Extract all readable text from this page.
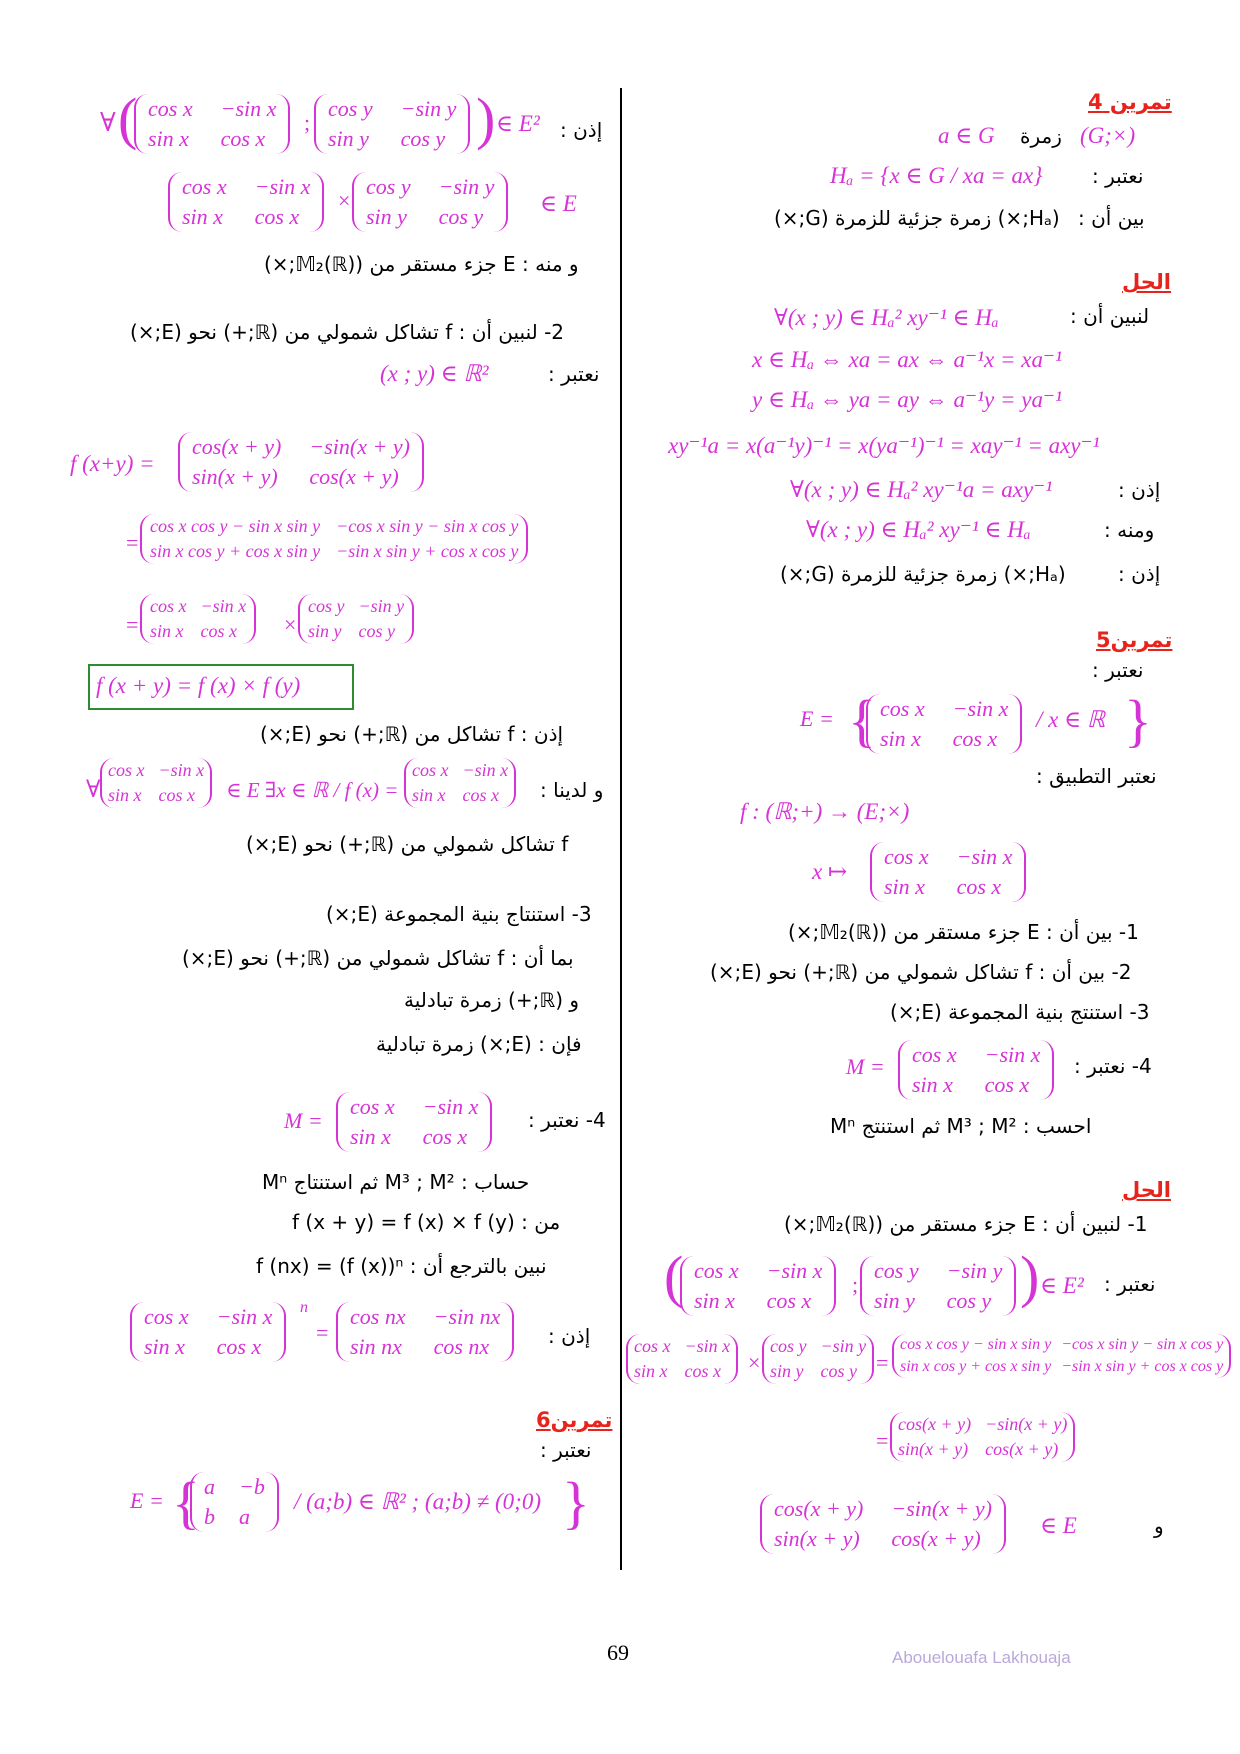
تمرين 4
(G;×)
زمرة
a ∈ G
نعتبر :
Hₐ = {x ∈ G / xa = ax}
بين أن :
(Hₐ;×) زمرة جزئية للزمرة (G;×)
الحل
لنبين أن :
∀(x ; y) ∈ Hₐ² xy⁻¹ ∈ Hₐ
x ∈ Hₐ ⇔ xa = ax ⇔ a⁻¹x = xa⁻¹
y ∈ Hₐ ⇔ ya = ay ⇔ a⁻¹y = ya⁻¹
xy⁻¹a = x(a⁻¹y)⁻¹ = x(ya⁻¹)⁻¹ = xay⁻¹ = axy⁻¹
إذن :
∀(x ; y) ∈ Hₐ² xy⁻¹a = axy⁻¹
ومنه :
∀(x ; y) ∈ Hₐ² xy⁻¹ ∈ Hₐ
إذن :
(Hₐ;×) زمرة جزئية للزمرة (G;×)
تمرين5
نعتبر :
E = { cos x −sin x
sin x cos x
/ x ∈ ℝ }
نعتبر التطبيق :
f : (ℝ;+) → (E;×)
x ↦
cos x −sin x
sin x cos x
1- بين أن : E جزء مستقر من (𝕄₂(ℝ);×)
2- بين أن : f تشاكل شمولي من (ℝ;+) نحو (E;×)
3- استنتج بنية المجموعة (E;×)
4- نعتبر :
M = cos x −sin x
sin x cos x
احسب : M³ ; M² ثم استنتج Mⁿ
الحل
1- لنبين أن : E جزء مستقر من (𝕄₂(ℝ);×)
نعتبر :
( cos x −sin x
sin x cos x
;
cos y −sin y
sin y cos y ) ∈ E²
cos x −sin x
sin x cos x	×
cos y −sin y
sin y cos y =
cos x cos y − sin x sin y −cos x sin y − sin x cos y
sin x cos y + cos x sin y −sin x sin y + cos x cos y
=
cos(x + y) −sin(x + y)
sin(x + y) cos(x + y)
و
cos(x + y) −sin(x + y)
sin(x + y) cos(x + y)
∈ E
إذن :
∀ ( cos x −sin x
sin x cos x
;
cos y −sin y
sin y cos y ) ∈ E²
cos x −sin x
sin x cos x
×
cos y −sin y
sin y cos y
∈ E
و منه : E جزء مستقر من (𝕄₂(ℝ);×)
2- لنبين أن : f تشاكل شمولي من (ℝ;+) نحو (E;×)
نعتبر :
(x ; y) ∈ ℝ²
f (x+y) =
cos(x + y) −sin(x + y)
sin(x + y) cos(x + y)
=
cos x cos y − sin x sin y −cos x sin y − sin x cos y
sin x cos y + cos x sin y −sin x sin y + cos x cos y
=
cos x −sin x
sin x cos x	×
cos y −sin y
sin y cos y
f (x + y) = f (x) × f (y)
إذن : f تشاكل من (ℝ;+) نحو (E;×)
و لدينا :
∀
cos x −sin x
sin x cos x	∈ E ∃x ∈ ℝ / f (x) =
cos x −sin x
sin x cos x
f تشاكل شمولي من (ℝ;+) نحو (E;×)
3- استنتاج بنية المجموعة (E;×)
بما أن : f تشاكل شمولي من (ℝ;+) نحو (E;×)
و (ℝ;+) زمرة تبادلية
فإن : (E;×) زمرة تبادلية
4- نعتبر :
M =
cos x −sin x
sin x cos x
حساب : M³ ; M² ثم استنتاج Mⁿ
من : f (x + y) = f (x) × f (y)
نبين بالترجع أن : f (nx) = (f (x))ⁿ
إذن :
cos x −sin x
sin x cos x
n
=
cos nx −sin nx
sin nx cos nx
تمرين6
نعتبر :
E = { a −b
b a
/ (a;b) ∈ ℝ² ; (a;b) ≠ (0;0) }
69	Abouelouafa Lakhouaja
